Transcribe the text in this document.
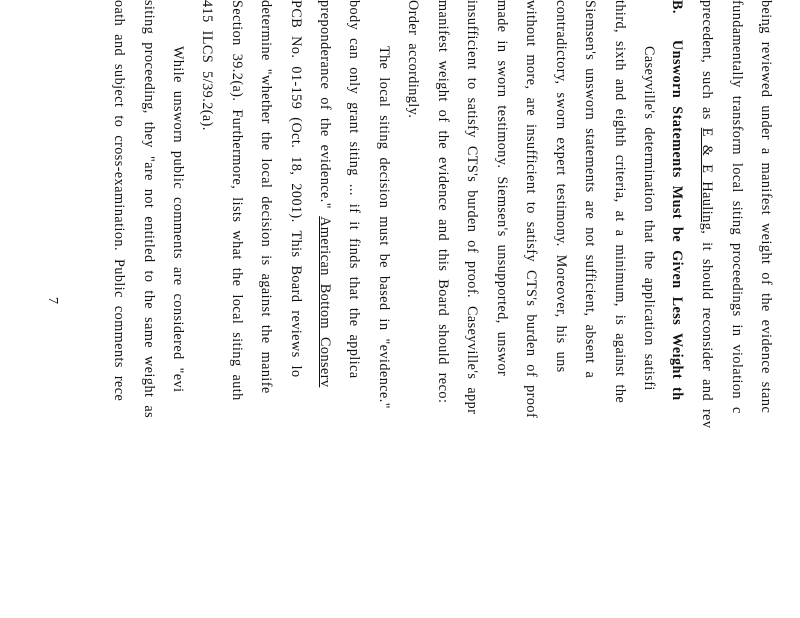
being reviewed under a manifest weight of the evidence stanc
fundamentally transform local siting proceedings in violation c
precedent, such as E & E Hauling, it should reconsider and rev
B.Unsworn Statements Must be Given Less Weight th
Caseyville's determination that the application satisfi
third, sixth and eighth criteria, at a minimum, is against the
Siemsen's unsworn statements are not sufficient, absent a
contradictory, sworn expert testimony. Moreover, his uns
without more, are insufficient to satisfy CTS's burden of proof
made in sworn testimony. Siemsen's unsupported, unswor
insufficient to satisfy CTS's burden of proof. Caseyville's appr
manifest weight of the evidence and this Board should reco:
Order accordingly.
The local siting decision must be based in "evidence."
body can only grant siting ... if it finds that the applica
preponderance of the evidence." American Bottom Conserv
PCB No. 01-159 (Oct. 18, 2001). This Board reviews lo
determine "whether the local decision is against the manife
Section 39.2(a). Furthermore, lists what the local siting auth
415 ILCS 5/39.2(a).
While unsworn public comments are considered "evi
siting proceeding, they "are not entitled to the same weight as
oath and subject to cross-examination. Public comments rece
7
